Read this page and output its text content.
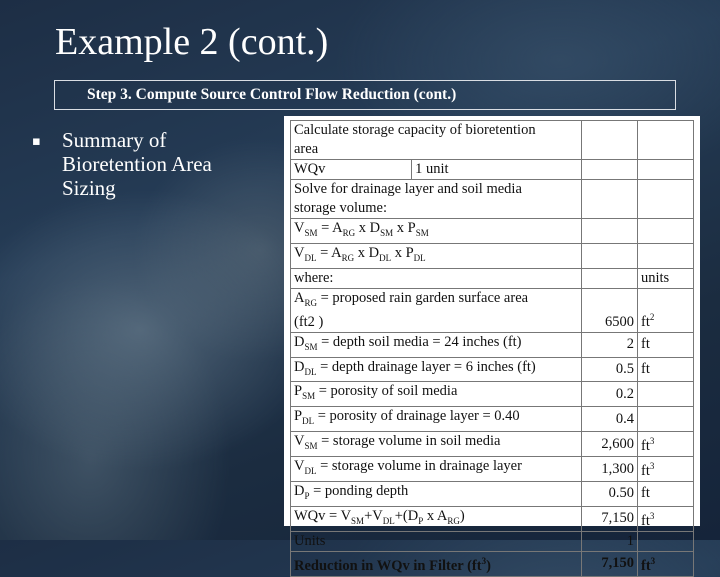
Example 2 (cont.)
Step 3. Compute Source Control Flow Reduction (cont.)
▪ Summary of
Bioretention Area
Sizing
Calculate storage capacity of bioretention
area			
WQv	1 unit		
Solve for drainage layer and soil media
storage volume:			
$V_{SM} = A_{RG}$ x $D_{SM}$ x $P_{SM}$		
$V_{DL} = A_{RG}$ x $D_{DL}$ x $P_{DL}$		
where:			units
$A_{RG}$ = proposed rain garden surface area
(ft2 )		6500	$ft^2$
$D_{SM}$ = depth soil media = 24 inches (ft)		2	ft
$D_{DL}$ = depth drainage layer = 6 inches (ft)		0.5	ft
$P_{SM}$ = porosity of soil media		0.2	
$P_{DL}$ = porosity of drainage layer = 0.40		0.4	
$V_{SM}$ = storage volume in soil media		2,600	$ft^3$
$V_{DL}$ = storage volume in drainage layer		1,300	$ft^3$
$D_P$ = ponding depth		0.50	ft
WQv = $V_{SM}+V_{DL}+(D_P$ x $A_{RG}$)		7,150	$ft^3$
Units		1	
Reduction in WQv in Filter $(ft^3)$		7,150	$ft^3$
